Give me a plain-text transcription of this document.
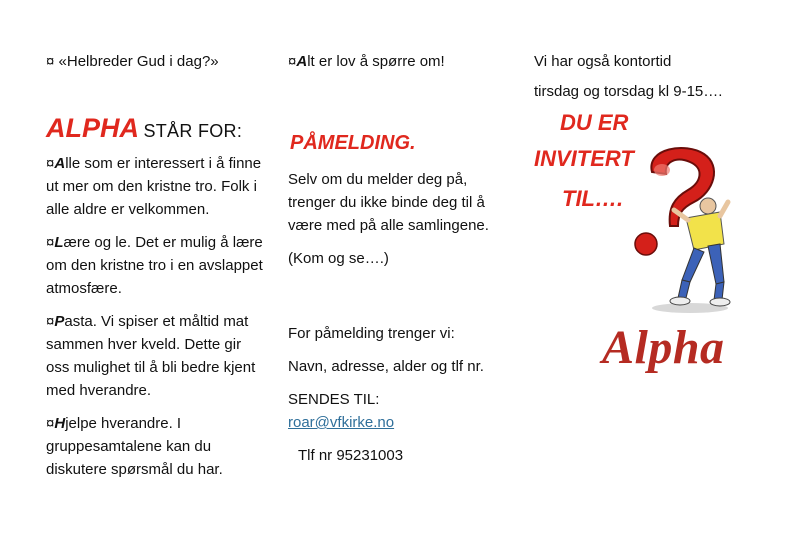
¤ «Helbreder Gud i dag?»
ALPHA STÅR FOR:

¤Alle som er interessert i å finne ut mer om den kristne tro. Folk i alle aldre er velkommen.

¤Lære og le. Det er mulig å lære om den kristne tro i en avslappet atmosfære.

¤Pasta. Vi spiser et måltid mat sammen hver kveld. Dette gir oss mulighet til å bli bedre kjent med hverandre.

¤Hjelpe hverandre. I gruppesamtalene kan du diskutere spørsmål du har.

¤Alt er lov å spørre om!
PÅMELDING.

Selv om du melder deg på, trenger du ikke binde deg til å være med på alle samlingene.

(Kom og se….)

For påmelding trenger vi:
Navn, adresse, alder og tlf nr.
SENDES TIL:
roar@vfkirke.no
Tlf nr 95231003
Vi har også kontortid
tirsdag og torsdag kl 9-15….
DU ER
INVITERT
TIL….
Alpha
